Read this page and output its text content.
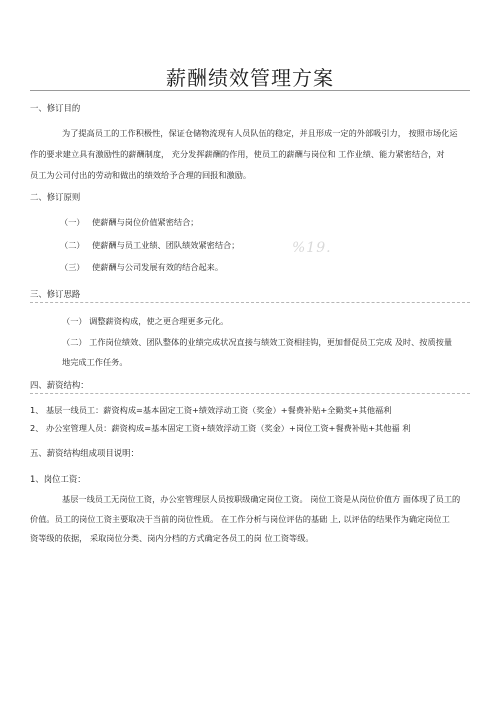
薪酬绩效管理方案
一、修订目的
为了提高员工的工作积极性，保证仓储物流现有人员队伍的稳定，并且形成一定的外部吸引力， 按照市场化运
作的要求建立具有激励性的薪酬制度， 充分发挥薪酬的作用，使员工的薪酬与岗位和 工作业绩、能力紧密结合，对
员工为公司付出的劳动和做出的绩效给予合理的回报和激励。
二、修订原则
（一） 使薪酬与岗位价值紧密结合；
（二） 使薪酬与员工业绩、团队绩效紧密结合；
（三） 使薪酬与公司发展有效的结合起来。
%19.
三、修订思路
（一） 调整薪资构成，使之更合理更多元化。
（二） 工作岗位绩效、团队整体的业绩完成状况直接与绩效工资相挂钩，更加督促员工完成 及时、按质按量
地完成工作任务。
四、薪资结构：
1、 基层一线员工：薪资构成=基本固定工资+绩效浮动工资（奖金）+餐费补贴+全勤奖+其他福利
2、 办公室管理人员：薪资构成=基本固定工资+绩效浮动工资（奖金）+岗位工资+餐费补贴+其他福 利
五、薪资结构组成项目说明：
1、岗位工资：
基层一线员工无岗位工资，办公室管理层人员按职级确定岗位工资。 岗位工资是从岗位价值方 面体现了员工的
价值。员工的岗位工资主要取决于当前的岗位性质。 在工作分析与岗位评估的基础 上, 以评估的结果作为确定岗位工
资等级的依据， 采取岗位分类、岗内分档的方式确定各员工的岗 位工资等级。
